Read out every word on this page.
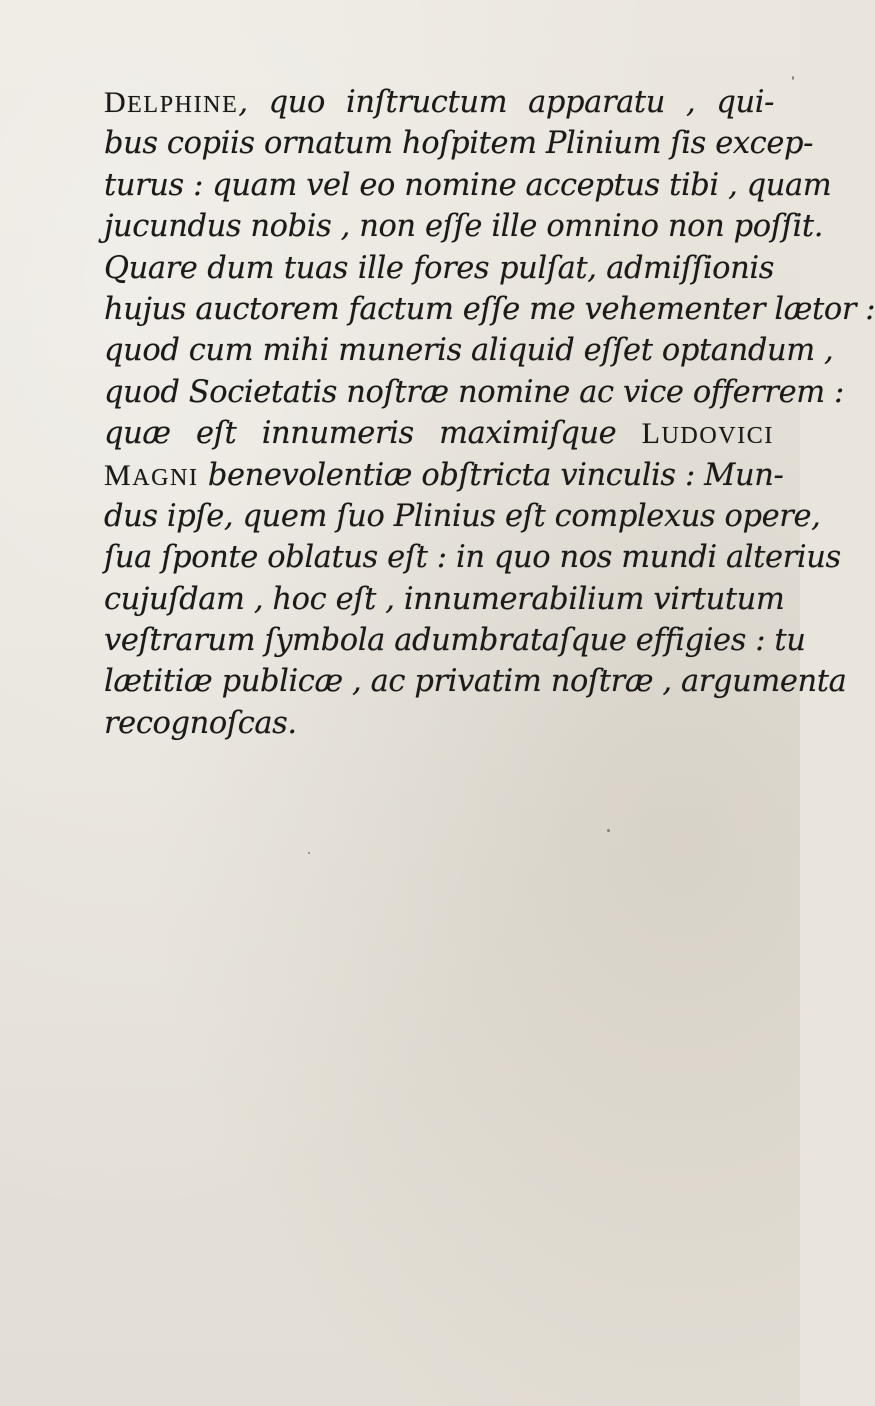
DELPHINE, quo inſtructum apparatu , qui-
bus copiis ornatum hoſpitem Plinium ſis excep-
turus : quam vel eo nomine acceptus tibi , quam
jucundus nobis , non eſſe ille omnino non poſſit.
Quare dum tuas ille fores pulſat, admiſſionis
hujus auctorem factum eſſe me vehementer lætor :
quod cum mihi muneris aliquid eſſet optandum ,
quod Societatis noſtræ nomine ac vice offerrem :
quæ eſt innumeris maximiſque LUDOVICI
MAGNI benevolentiæ obſtricta vinculis : Mun-
dus ipſe, quem ſuo Plinius eſt complexus opere,
ſua ſponte oblatus eſt : in quo nos mundi alterius
cujuſdam , hoc eſt , innumerabilium virtutum
veſtrarum ſymbola adumbrataſque effigies : tu
lætitiæ publicæ , ac privatim noſtræ , argumenta
recognoſcas.
